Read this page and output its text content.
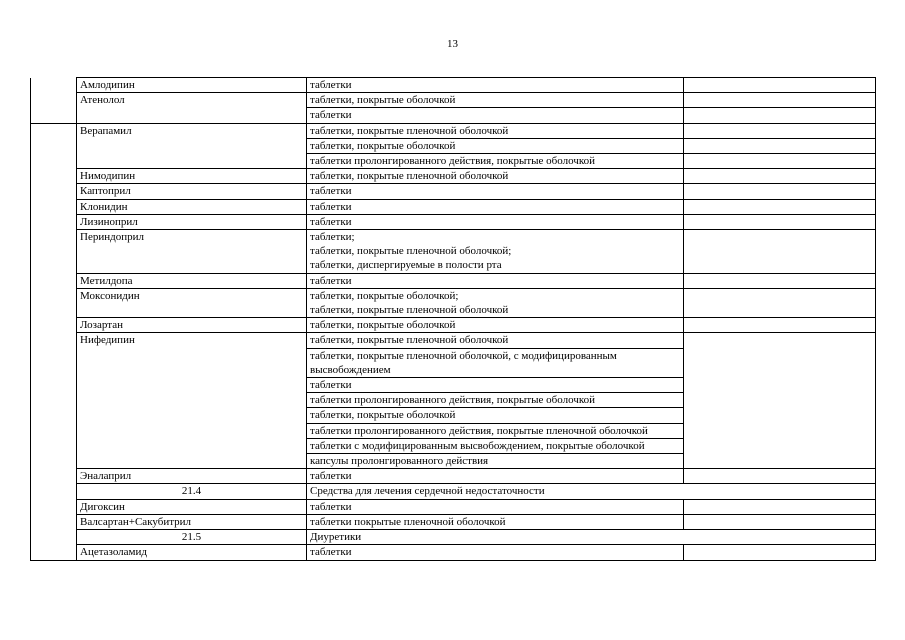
13
	Амлодипин	таблетки	
	Атенолол	таблетки, покрытые оболочкой	
		таблетки	
	Верапамил	таблетки, покрытые пленочной оболочкой	
		таблетки, покрытые оболочкой	
		таблетки пролонгированного действия, покрытые оболочкой	
	Нимодипин	таблетки, покрытые пленочной оболочкой	
	Каптоприл	таблетки	
	Клонидин	таблетки	
	Лизиноприл	таблетки	
	Периндоприл	таблетки;
таблетки, покрытые пленочной оболочкой;
таблетки, диспергируемые в полости рта	
	Метилдопа	таблетки	
	Моксонидин	таблетки, покрытые оболочкой;
таблетки, покрытые пленочной оболочкой	
	Лозартан	таблетки, покрытые оболочкой	
	Нифедипин	таблетки, покрытые пленочной оболочкой	
		таблетки, покрытые пленочной оболочкой, с модифицированным высвобождением	
		таблетки	
		таблетки пролонгированного действия, покрытые оболочкой	
		таблетки, покрытые оболочкой	
		таблетки пролонгированного действия, покрытые пленочной оболочкой	
		таблетки с модифицированным высвобождением, покрытые оболочкой	
		капсулы пролонгированного действия	
	Эналаприл	таблетки	
	21.4	Средства для лечения сердечной недостаточности	
	Дигоксин	таблетки	
	Валсартан+Сакубитрил	таблетки покрытые пленочной оболочкой	
	21.5	Диуретики	
	Ацетазоламид	таблетки	
